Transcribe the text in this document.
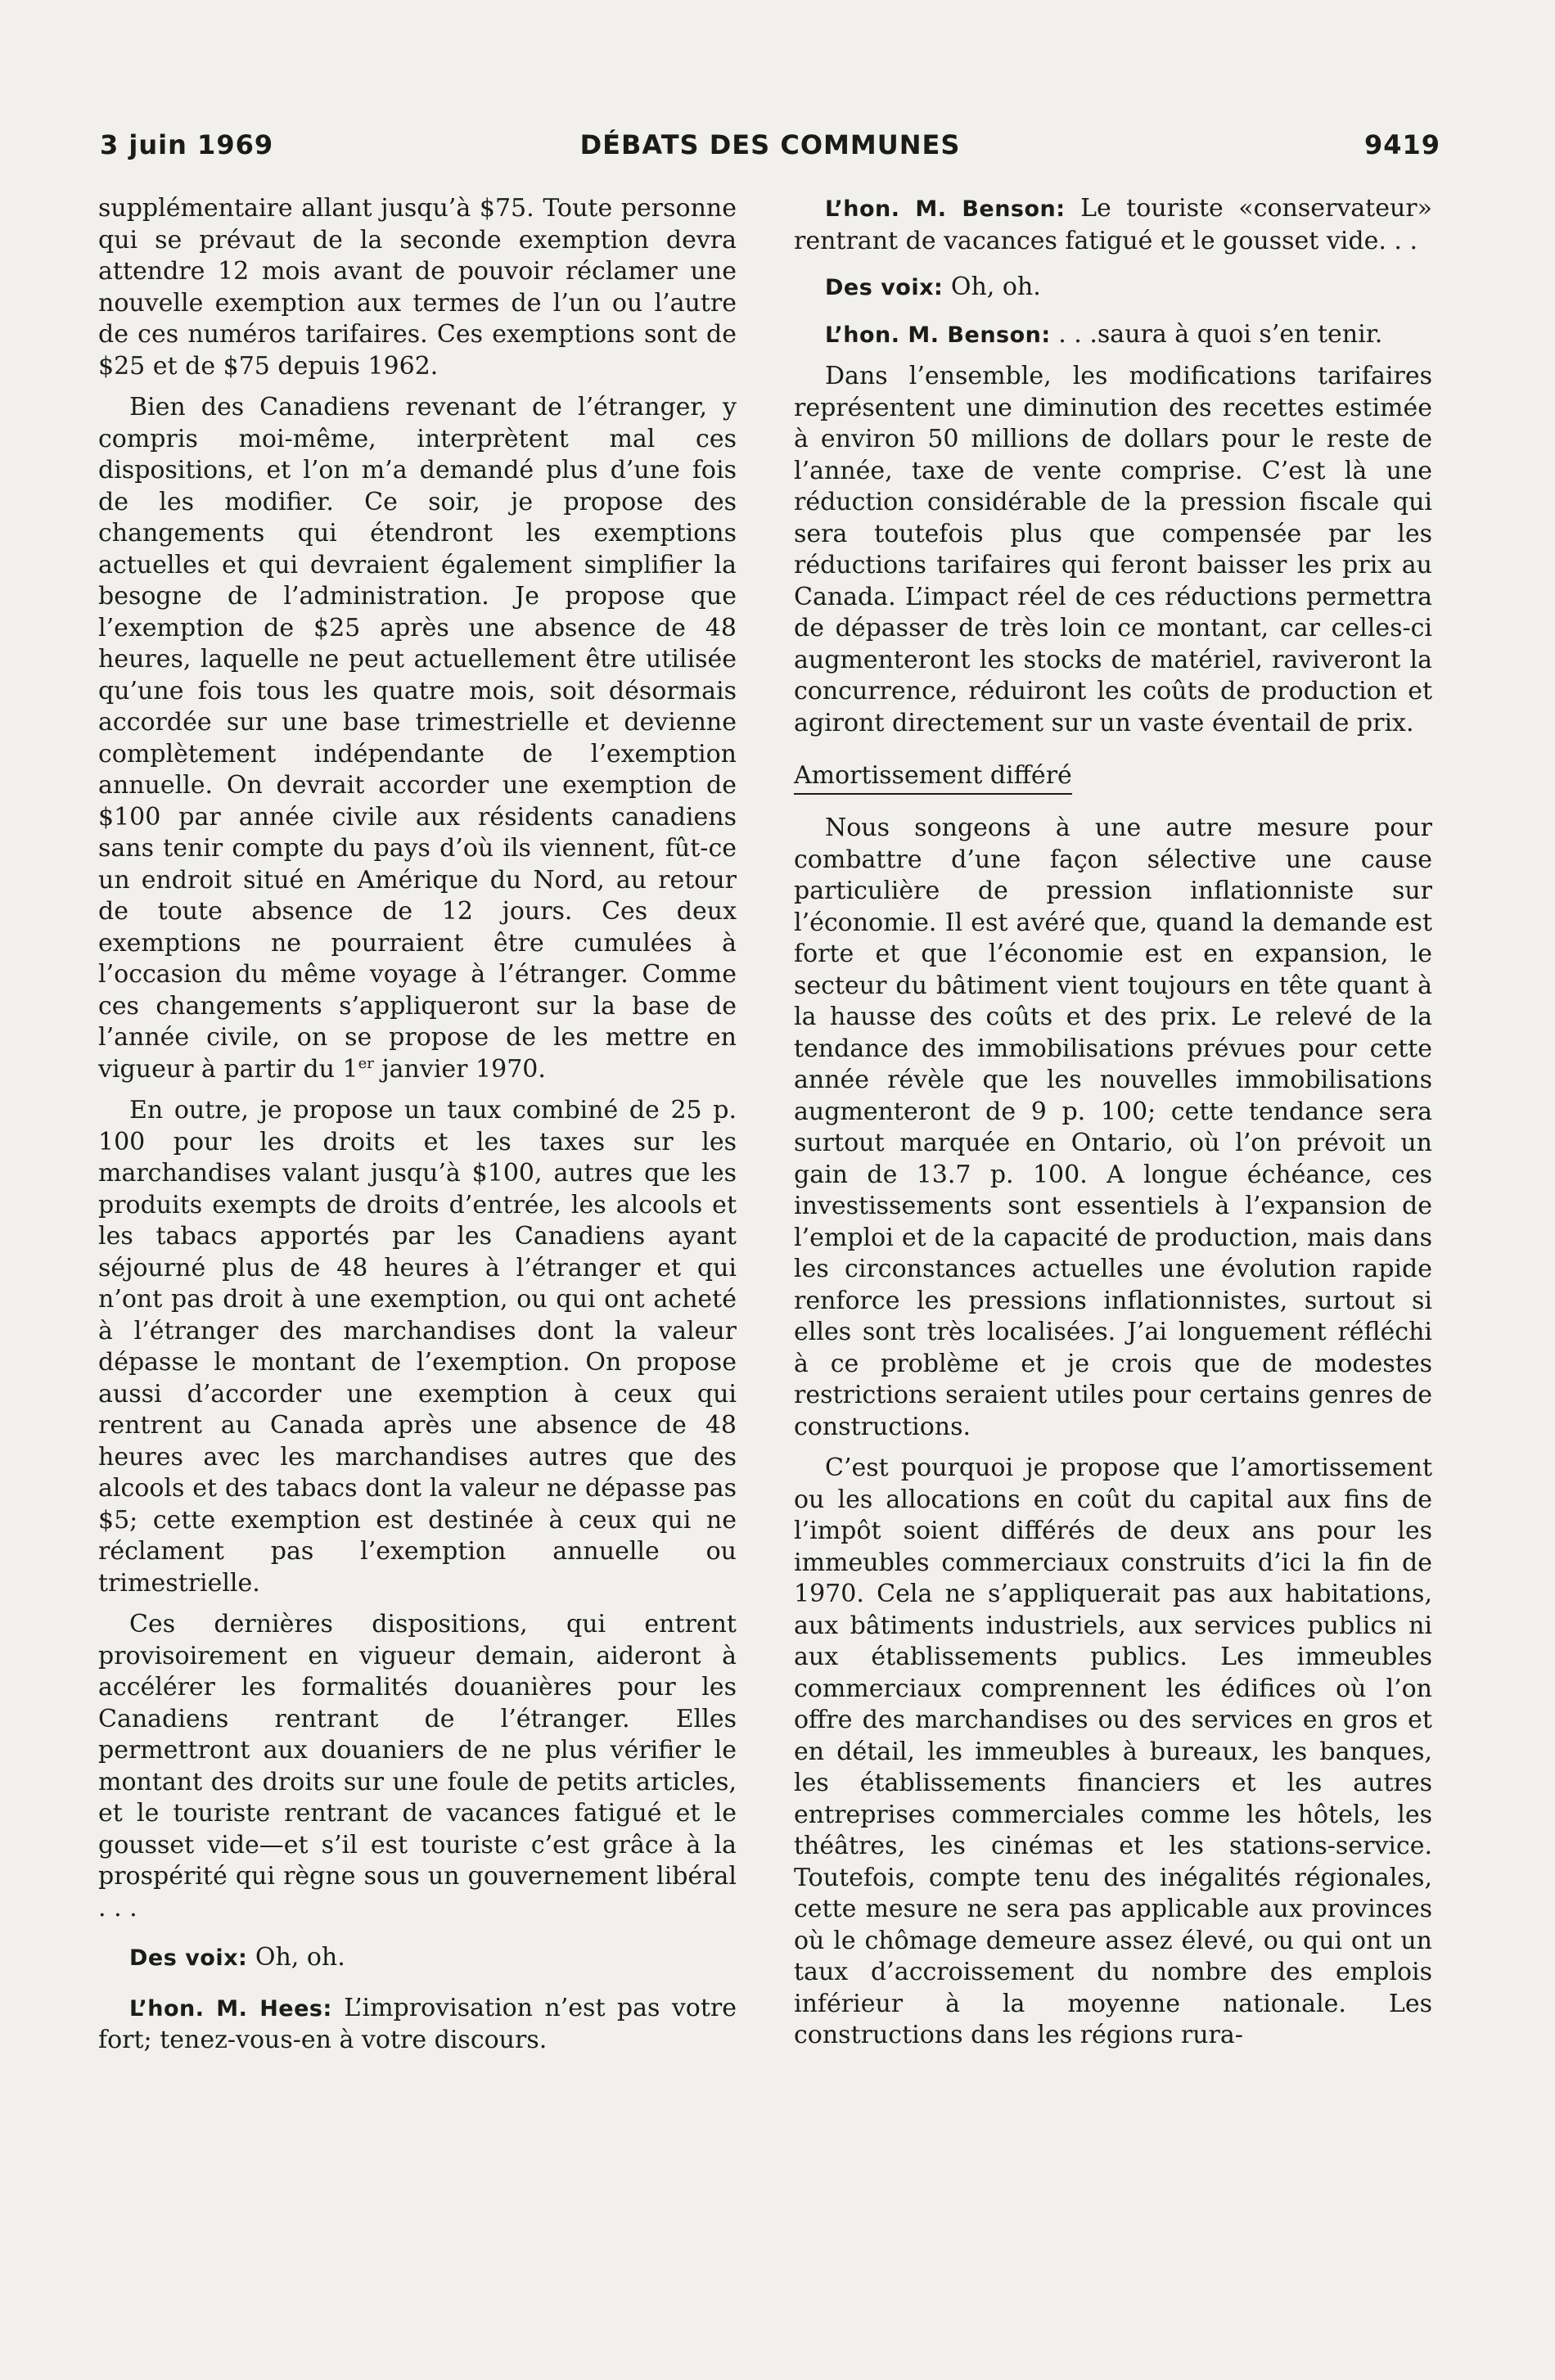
3 juin 1969	DÉBATS DES COMMUNES	9419

supplémentaire allant jusqu’à $75. Toute personne qui se prévaut de la seconde exemption devra attendre 12 mois avant de pouvoir réclamer une nouvelle exemption aux termes de l’un ou l’autre de ces numéros tarifaires. Ces exemptions sont de $25 et de $75 depuis 1962.

Bien des Canadiens revenant de l’étranger, y compris moi-même, interprètent mal ces dispositions, et l’on m’a demandé plus d’une fois de les modifier. Ce soir, je propose des changements qui étendront les exemptions actuelles et qui devraient également simplifier la besogne de l’administration. Je propose que l’exemption de $25 après une absence de 48 heures, laquelle ne peut actuellement être utilisée qu’une fois tous les quatre mois, soit désormais accordée sur une base trimestrielle et devienne complètement indépendante de l’exemption annuelle. On devrait accorder une exemption de $100 par année civile aux résidents canadiens sans tenir compte du pays d’où ils viennent, fût-ce un endroit situé en Amérique du Nord, au retour de toute absence de 12 jours. Ces deux exemptions ne pourraient être cumulées à l’occasion du même voyage à l’étranger. Comme ces changements s’appliqueront sur la base de l’année civile, on se propose de les mettre en vigueur à partir du 1er janvier 1970.

En outre, je propose un taux combiné de 25 p. 100 pour les droits et les taxes sur les marchandises valant jusqu’à $100, autres que les produits exempts de droits d’entrée, les alcools et les tabacs apportés par les Canadiens ayant séjourné plus de 48 heures à l’étranger et qui n’ont pas droit à une exemption, ou qui ont acheté à l’étranger des marchandises dont la valeur dépasse le montant de l’exemption. On propose aussi d’accorder une exemption à ceux qui rentrent au Canada après une absence de 48 heures avec les marchandises autres que des alcools et des tabacs dont la valeur ne dépasse pas $5; cette exemption est destinée à ceux qui ne réclament pas l’exemption annuelle ou trimestrielle.

Ces dernières dispositions, qui entrent provisoirement en vigueur demain, aideront à accélérer les formalités douanières pour les Canadiens rentrant de l’étranger. Elles permettront aux douaniers de ne plus vérifier le montant des droits sur une foule de petits articles, et le touriste rentrant de vacances fatigué et le gousset vide—et s’il est touriste c’est grâce à la prospérité qui règne sous un gouvernement libéral . . .

Des voix: Oh, oh.

L’hon. M. Hees: L’improvisation n’est pas votre fort; tenez-vous-en à votre discours.

L’hon. M. Benson: Le touriste «conservateur» rentrant de vacances fatigué et le gousset vide. . .

Des voix: Oh, oh.

L’hon. M. Benson: . . .saura à quoi s’en tenir.

Dans l’ensemble, les modifications tarifaires représentent une diminution des recettes estimée à environ 50 millions de dollars pour le reste de l’année, taxe de vente comprise. C’est là une réduction considérable de la pression fiscale qui sera toutefois plus que compensée par les réductions tarifaires qui feront baisser les prix au Canada. L’impact réel de ces réductions permettra de dépasser de très loin ce montant, car celles-ci augmenteront les stocks de matériel, raviveront la concurrence, réduiront les coûts de production et agiront directement sur un vaste éventail de prix.

Amortissement différé

Nous songeons à une autre mesure pour combattre d’une façon sélective une cause particulière de pression inflationniste sur l’économie. Il est avéré que, quand la demande est forte et que l’économie est en expansion, le secteur du bâtiment vient toujours en tête quant à la hausse des coûts et des prix. Le relevé de la tendance des immobilisations prévues pour cette année révèle que les nouvelles immobilisations augmenteront de 9 p. 100; cette tendance sera surtout marquée en Ontario, où l’on prévoit un gain de 13.7 p. 100. A longue échéance, ces investissements sont essentiels à l’expansion de l’emploi et de la capacité de production, mais dans les circonstances actuelles une évolution rapide renforce les pressions inflationnistes, surtout si elles sont très localisées. J’ai longuement réfléchi à ce problème et je crois que de modestes restrictions seraient utiles pour certains genres de constructions.

C’est pourquoi je propose que l’amortissement ou les allocations en coût du capital aux fins de l’impôt soient différés de deux ans pour les immeubles commerciaux construits d’ici la fin de 1970. Cela ne s’appliquerait pas aux habitations, aux bâtiments industriels, aux services publics ni aux établissements publics. Les immeubles commerciaux comprennent les édifices où l’on offre des marchandises ou des services en gros et en détail, les immeubles à bureaux, les banques, les établissements financiers et les autres entreprises commerciales comme les hôtels, les théâtres, les cinémas et les stations-service. Toutefois, compte tenu des inégalités régionales, cette mesure ne sera pas applicable aux provinces où le chômage demeure assez élevé, ou qui ont un taux d’accroissement du nombre des emplois inférieur à la moyenne nationale. Les constructions dans les régions rura-
